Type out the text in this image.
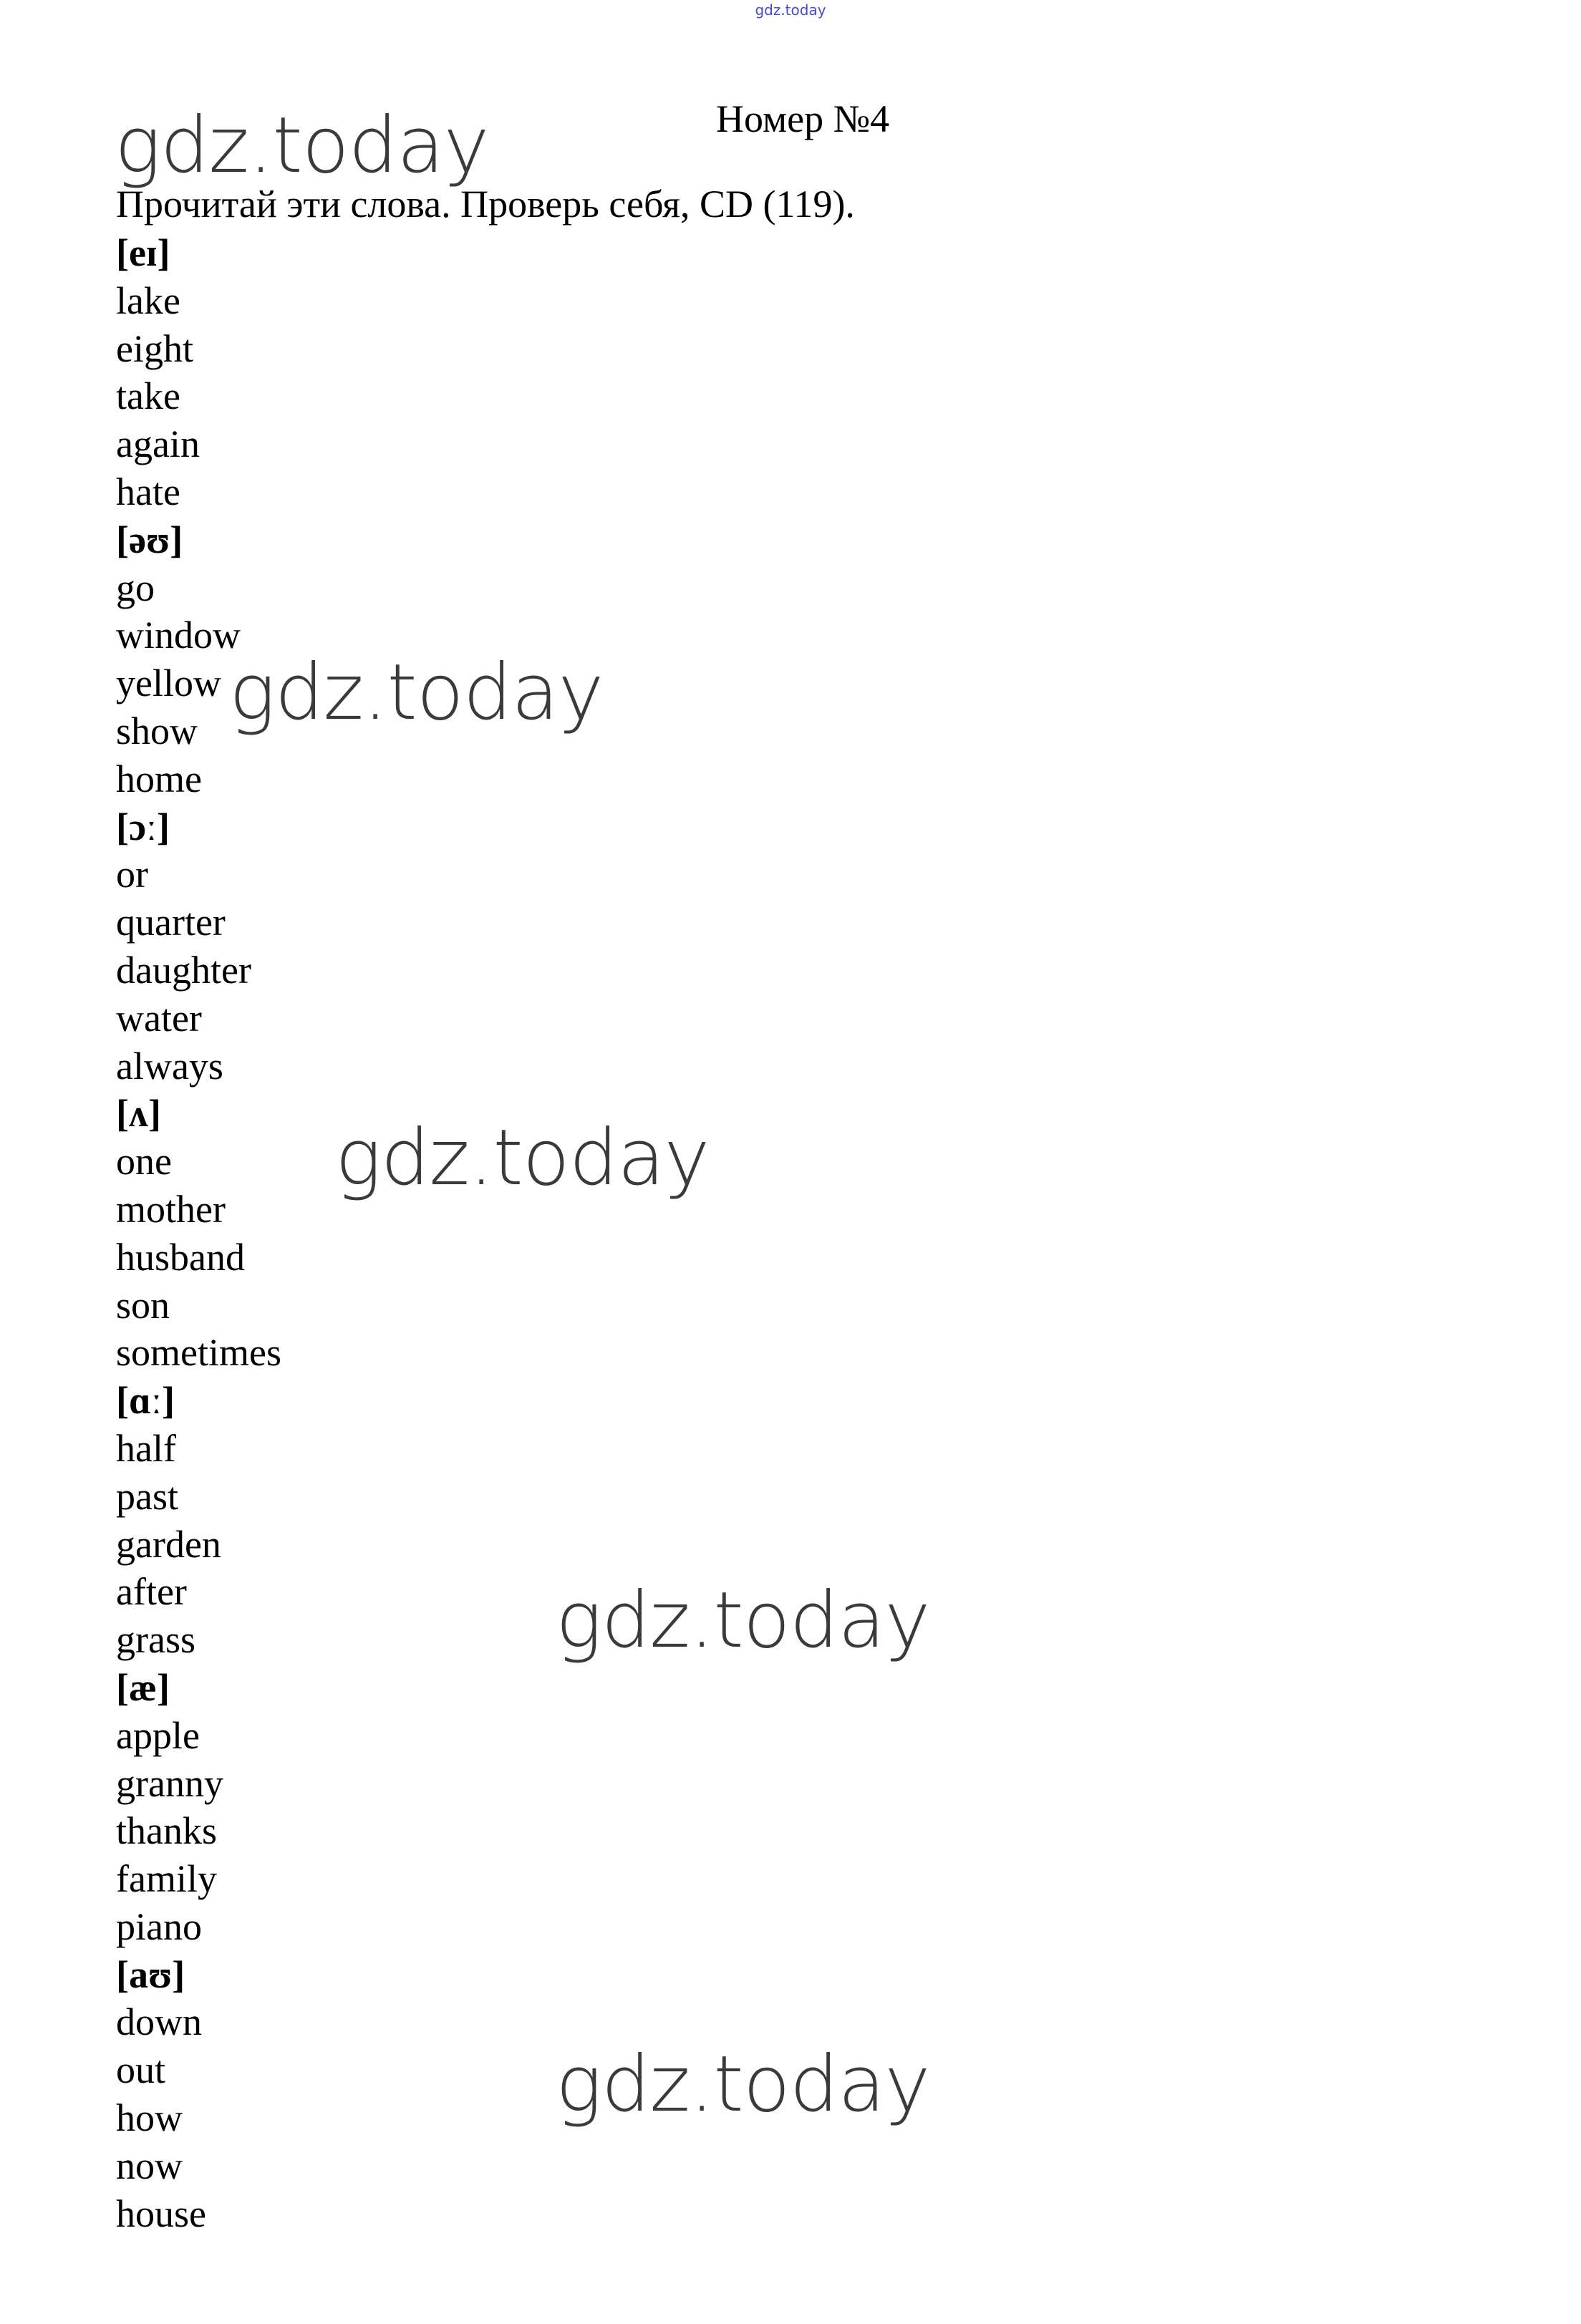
gdz.today
gdz.today
gdz.today
gdz.today
gdz.today
gdz.today
Номер №4
Прочитай эти слова. Проверь себя, CD (119).
[eɪ]
lake
eight
take
again
hate
[əʊ]
go
window
yellow
show
home
[ɔː]
or
quarter
daughter
water
always
[ʌ]
one
mother
husband
son
sometimes
[ɑː]
half
past
garden
after
grass
[æ]
apple
granny
thanks
family
piano
[aʊ]
down
out
how
now
house
